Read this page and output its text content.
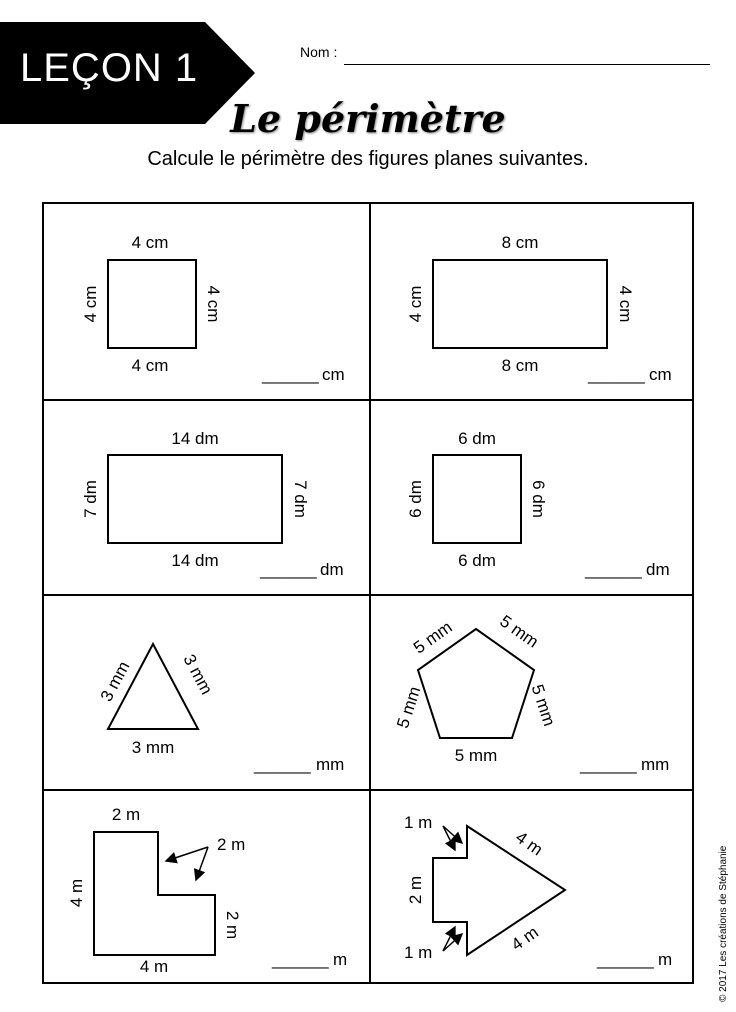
LEÇON 1	Nom :
Le périmètre
Calcule le périmètre des figures planes suivantes.
4 cm
4 cm
4 cm	4 cm
______ cm
8 cm
8 cm
4 cm	4 cm
______ cm
14 dm
14 dm
7 dm	7 dm
______ dm
6 dm
6 dm
6 dm	6 dm
______ dm
3 mm	3 mm
3 mm
______ mm
5 mm 5 mm
5 mm	5 mm
5 mm	______ mm
2 m
2 m
4 m
2 m
4 m	______ m
1 m
2 m
1 m
4 m
4 m
______ m	© 2017 Les créations de Stéphanie
